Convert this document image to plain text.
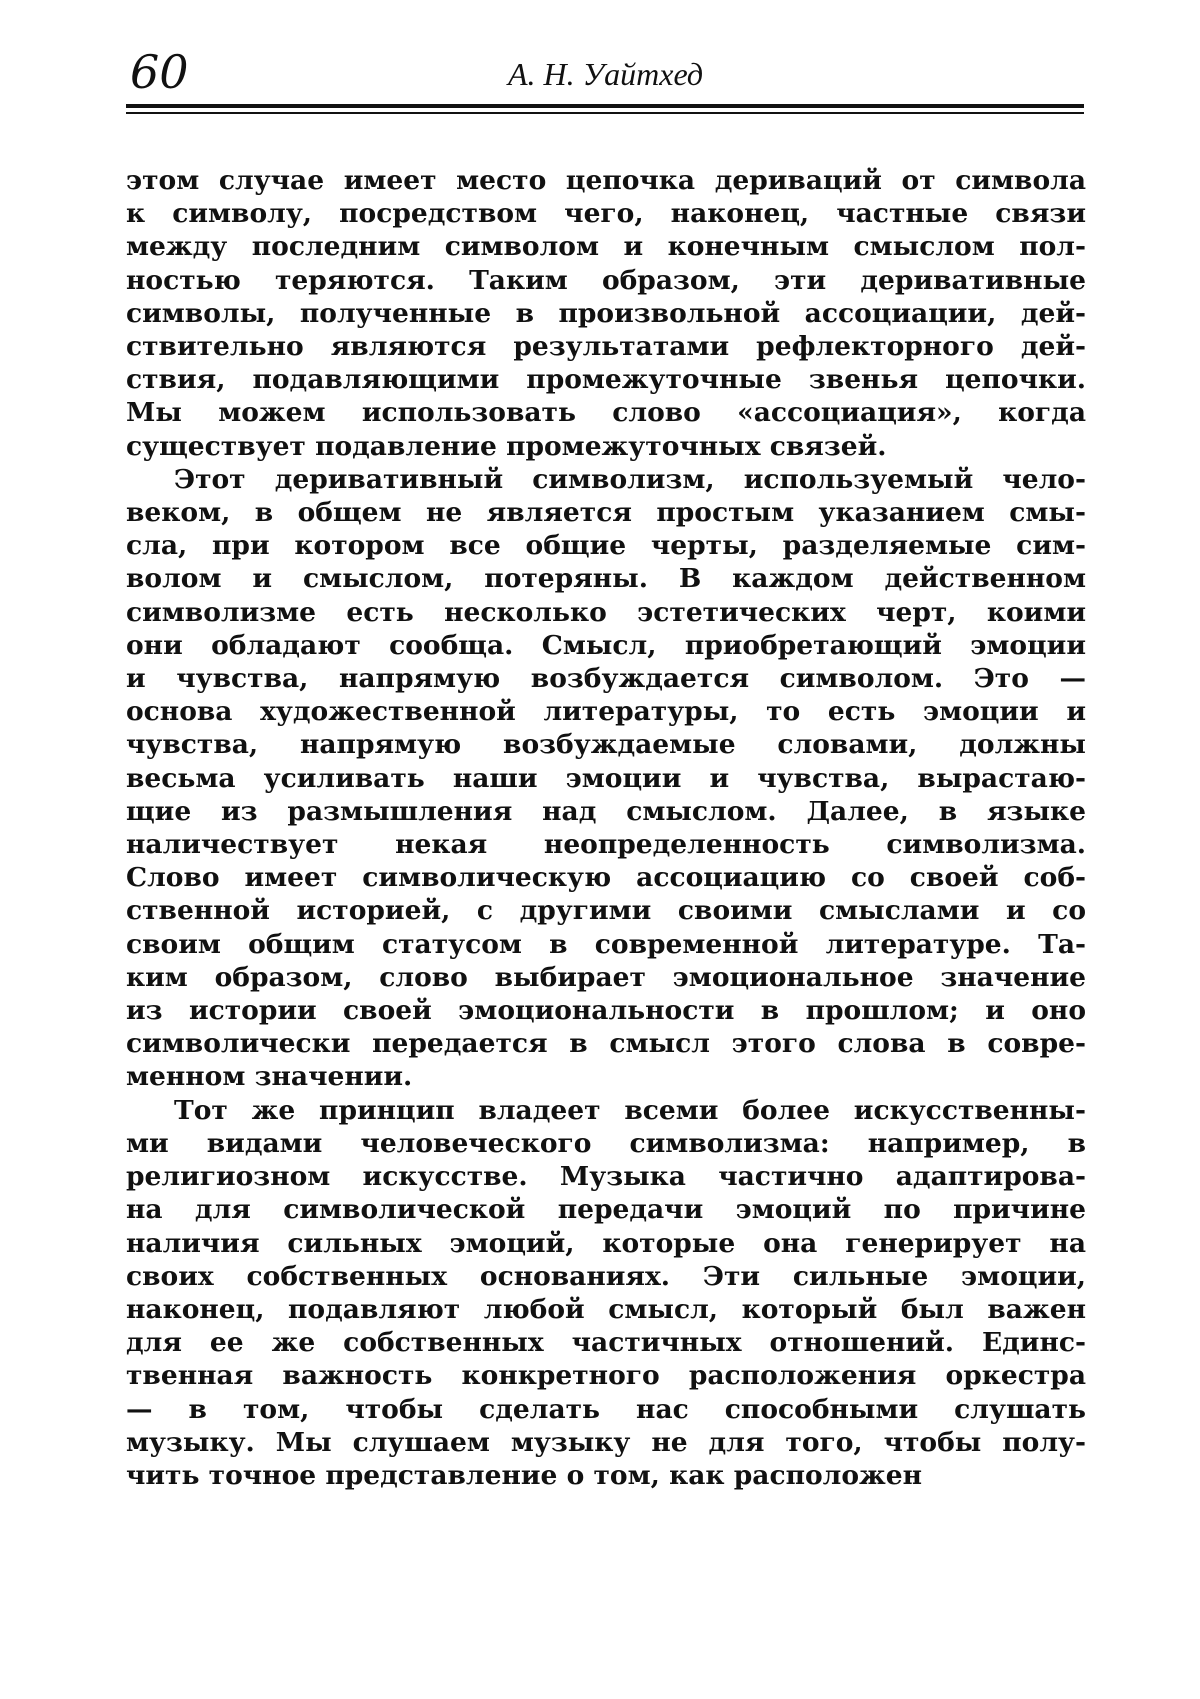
60	А. Н. Уайтхед
этом случае имеет место цепочка дериваций от символа
к символу, посредством чего, наконец, частные связи
между последним символом и конечным смыслом пол-
ностью теряются. Таким образом, эти деривативные
символы, полученные в произвольной ассоциации, дей-
ствительно являются результатами рефлекторного дей-
ствия, подавляющими промежуточные звенья цепочки.
Мы можем использовать слово «ассоциация», когда
существует подавление промежуточных связей.
Этот деривативный символизм, используемый чело-
веком, в общем не является простым указанием смы-
сла, при котором все общие черты, разделяемые сим-
волом и смыслом, потеряны. В каждом действенном
символизме есть несколько эстетических черт, коими
они обладают сообща. Смысл, приобретающий эмоции
и чувства, напрямую возбуждается символом. Это —
основа художественной литературы, то есть эмоции и
чувства, напрямую возбуждаемые словами, должны
весьма усиливать наши эмоции и чувства, вырастаю-
щие из размышления над смыслом. Далее, в языке
наличествует некая неопределенность символизма.
Слово имеет символическую ассоциацию со своей соб-
ственной историей, с другими своими смыслами и со
своим общим статусом в современной литературе. Та-
ким образом, слово выбирает эмоциональное значение
из истории своей эмоциональности в прошлом; и оно
символически передается в смысл этого слова в совре-
менном значении.
Тот же принцип владеет всеми более искусственны-
ми видами человеческого символизма: например, в
религиозном искусстве. Музыка частично адаптирова-
на для символической передачи эмоций по причине
наличия сильных эмоций, которые она генерирует на
своих собственных основаниях. Эти сильные эмоции,
наконец, подавляют любой смысл, который был важен
для ее же собственных частичных отношений. Единс-
твенная важность конкретного расположения оркестра
— в том, чтобы сделать нас способными слушать
музыку. Мы слушаем музыку не для того, чтобы полу-
чить точное представление о том, как расположен
